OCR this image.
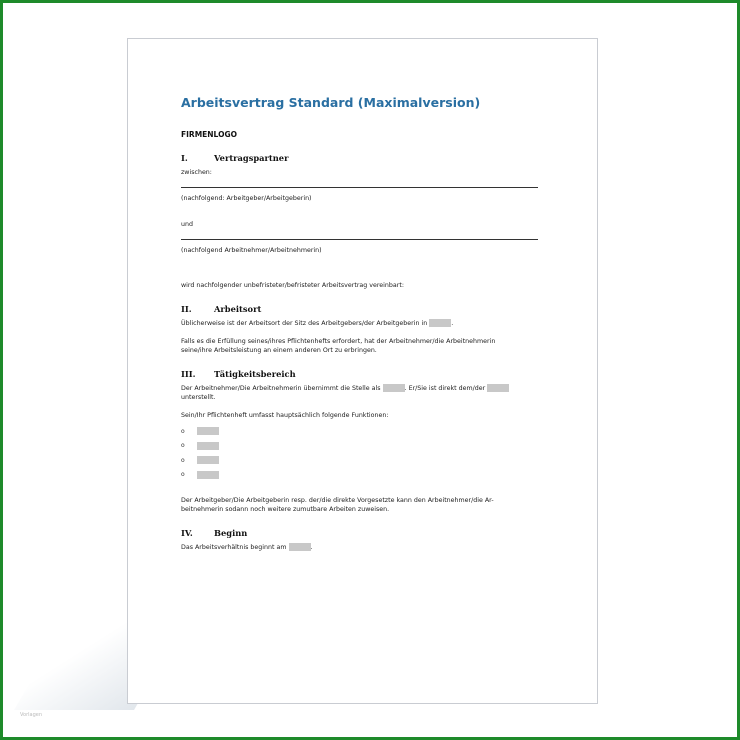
Arbeitsvertrag Standard (Maximalversion)
FIRMENLOGO
I.	Vertragspartner
zwischen:
(nachfolgend: Arbeitgeber/Arbeitgeberin)
und
(nachfolgend Arbeitnehmer/Arbeitnehmerin)
wird nachfolgender unbefristeter/befristeter Arbeitsvertrag vereinbart:
II.	Arbeitsort
Üblicherweise ist der Arbeitsort der Sitz des Arbeitgebers/der Arbeitgeberin in	.
Falls es die Erfüllung seines/ihres Pflichtenhefts erfordert, hat der Arbeitnehmer/die Arbeitnehmerin
seine/ihre Arbeitsleistung an einem anderen Ort zu erbringen.
III.	Tätigkeitsbereich
Der Arbeitnehmer/Die Arbeitnehmerin übernimmt die Stelle als	. Er/Sie ist direkt dem/der
unterstellt.
Sein/Ihr Pflichtenheft umfasst hauptsächlich folgende Funktionen:
o
o
o
o
Der Arbeitgeber/Die Arbeitgeberin resp. der/die direkte Vorgesetzte kann den Arbeitnehmer/die Ar-
beitnehmerin sodann noch weitere zumutbare Arbeiten zuweisen.
IV.	Beginn
Das Arbeitsverhältnis beginnt am	.
Vorlagen
